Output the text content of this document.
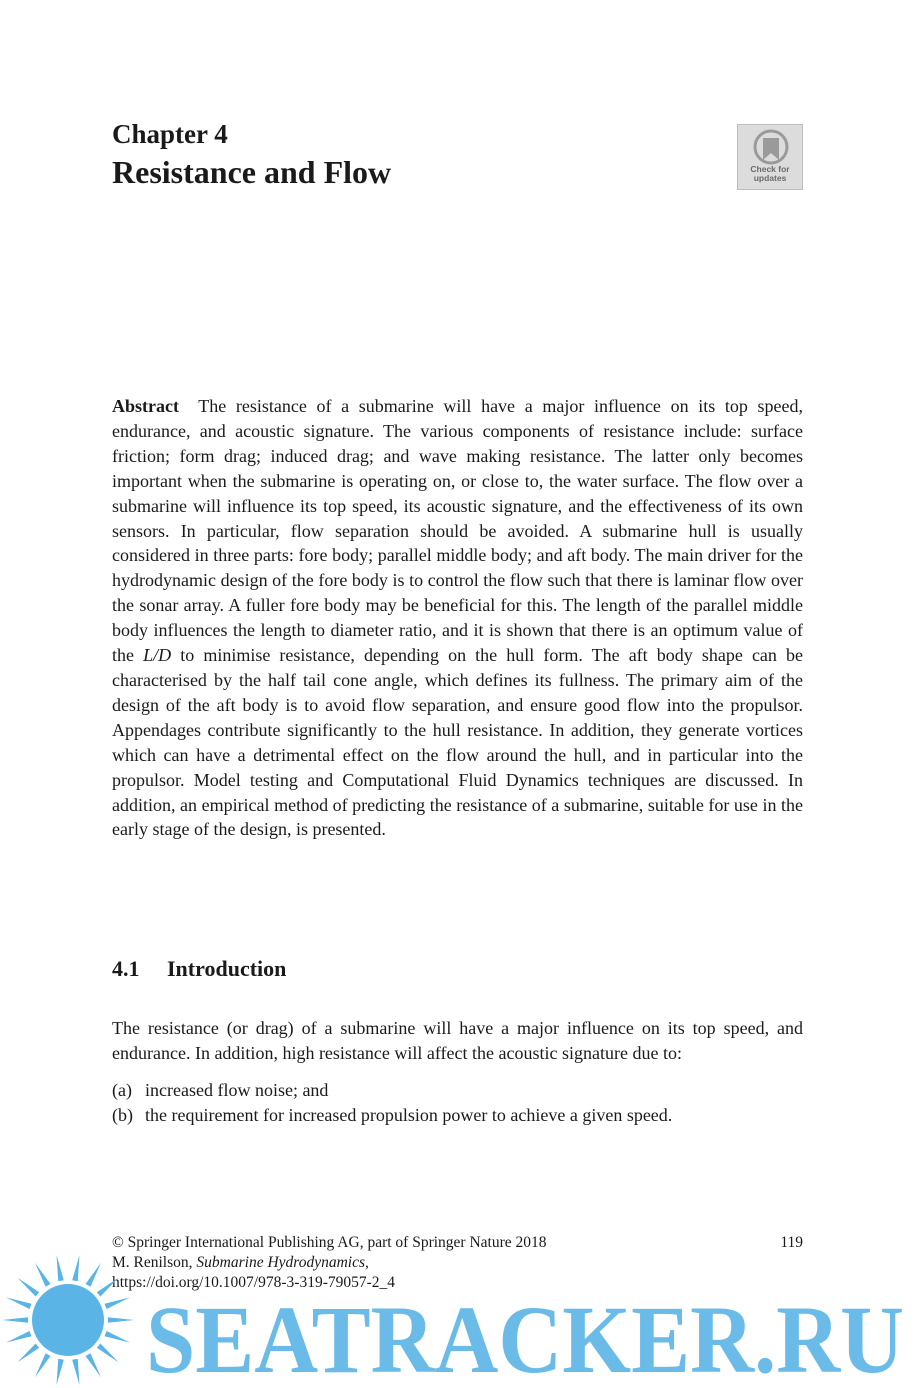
Chapter 4
Resistance and Flow	Check for
updates

Abstract The resistance of a submarine will have a major influence on its top speed, endurance, and acoustic signature. The various components of resistance include: surface friction; form drag; induced drag; and wave making resistance. The latter only becomes important when the submarine is operating on, or close to, the water surface. The flow over a submarine will influence its top speed, its acoustic signature, and the effectiveness of its own sensors. In particular, flow separation should be avoided. A submarine hull is usually considered in three parts: fore body; parallel middle body; and aft body. The main driver for the hydrodynamic design of the fore body is to control the flow such that there is laminar flow over the sonar array. A fuller fore body may be beneficial for this. The length of the parallel middle body influences the length to diameter ratio, and it is shown that there is an optimum value of the L/D to minimise resistance, depending on the hull form. The aft body shape can be characterised by the half tail cone angle, which defines its fullness. The primary aim of the design of the aft body is to avoid flow separation, and ensure good flow into the propulsor. Appendages contribute significantly to the hull resistance. In addition, they generate vortices which can have a detrimental effect on the flow around the hull, and in particular into the propulsor. Model testing and Computational Fluid Dynamics techniques are discussed. In addition, an empirical method of predicting the resistance of a submarine, suitable for use in the early stage of the design, is presented.

4.1 Introduction

The resistance (or drag) of a submarine will have a major influence on its top speed, and endurance. In addition, high resistance will affect the acoustic signature due to:

(a) increased flow noise; and
(b) the requirement for increased propulsion power to achieve a given speed.
© Springer International Publishing AG, part of Springer Nature 2018
M. Renilson, Submarine Hydrodynamics,
https://doi.org/10.1007/978-3-319-79057-2_4
119
SEATRACKER.RU
